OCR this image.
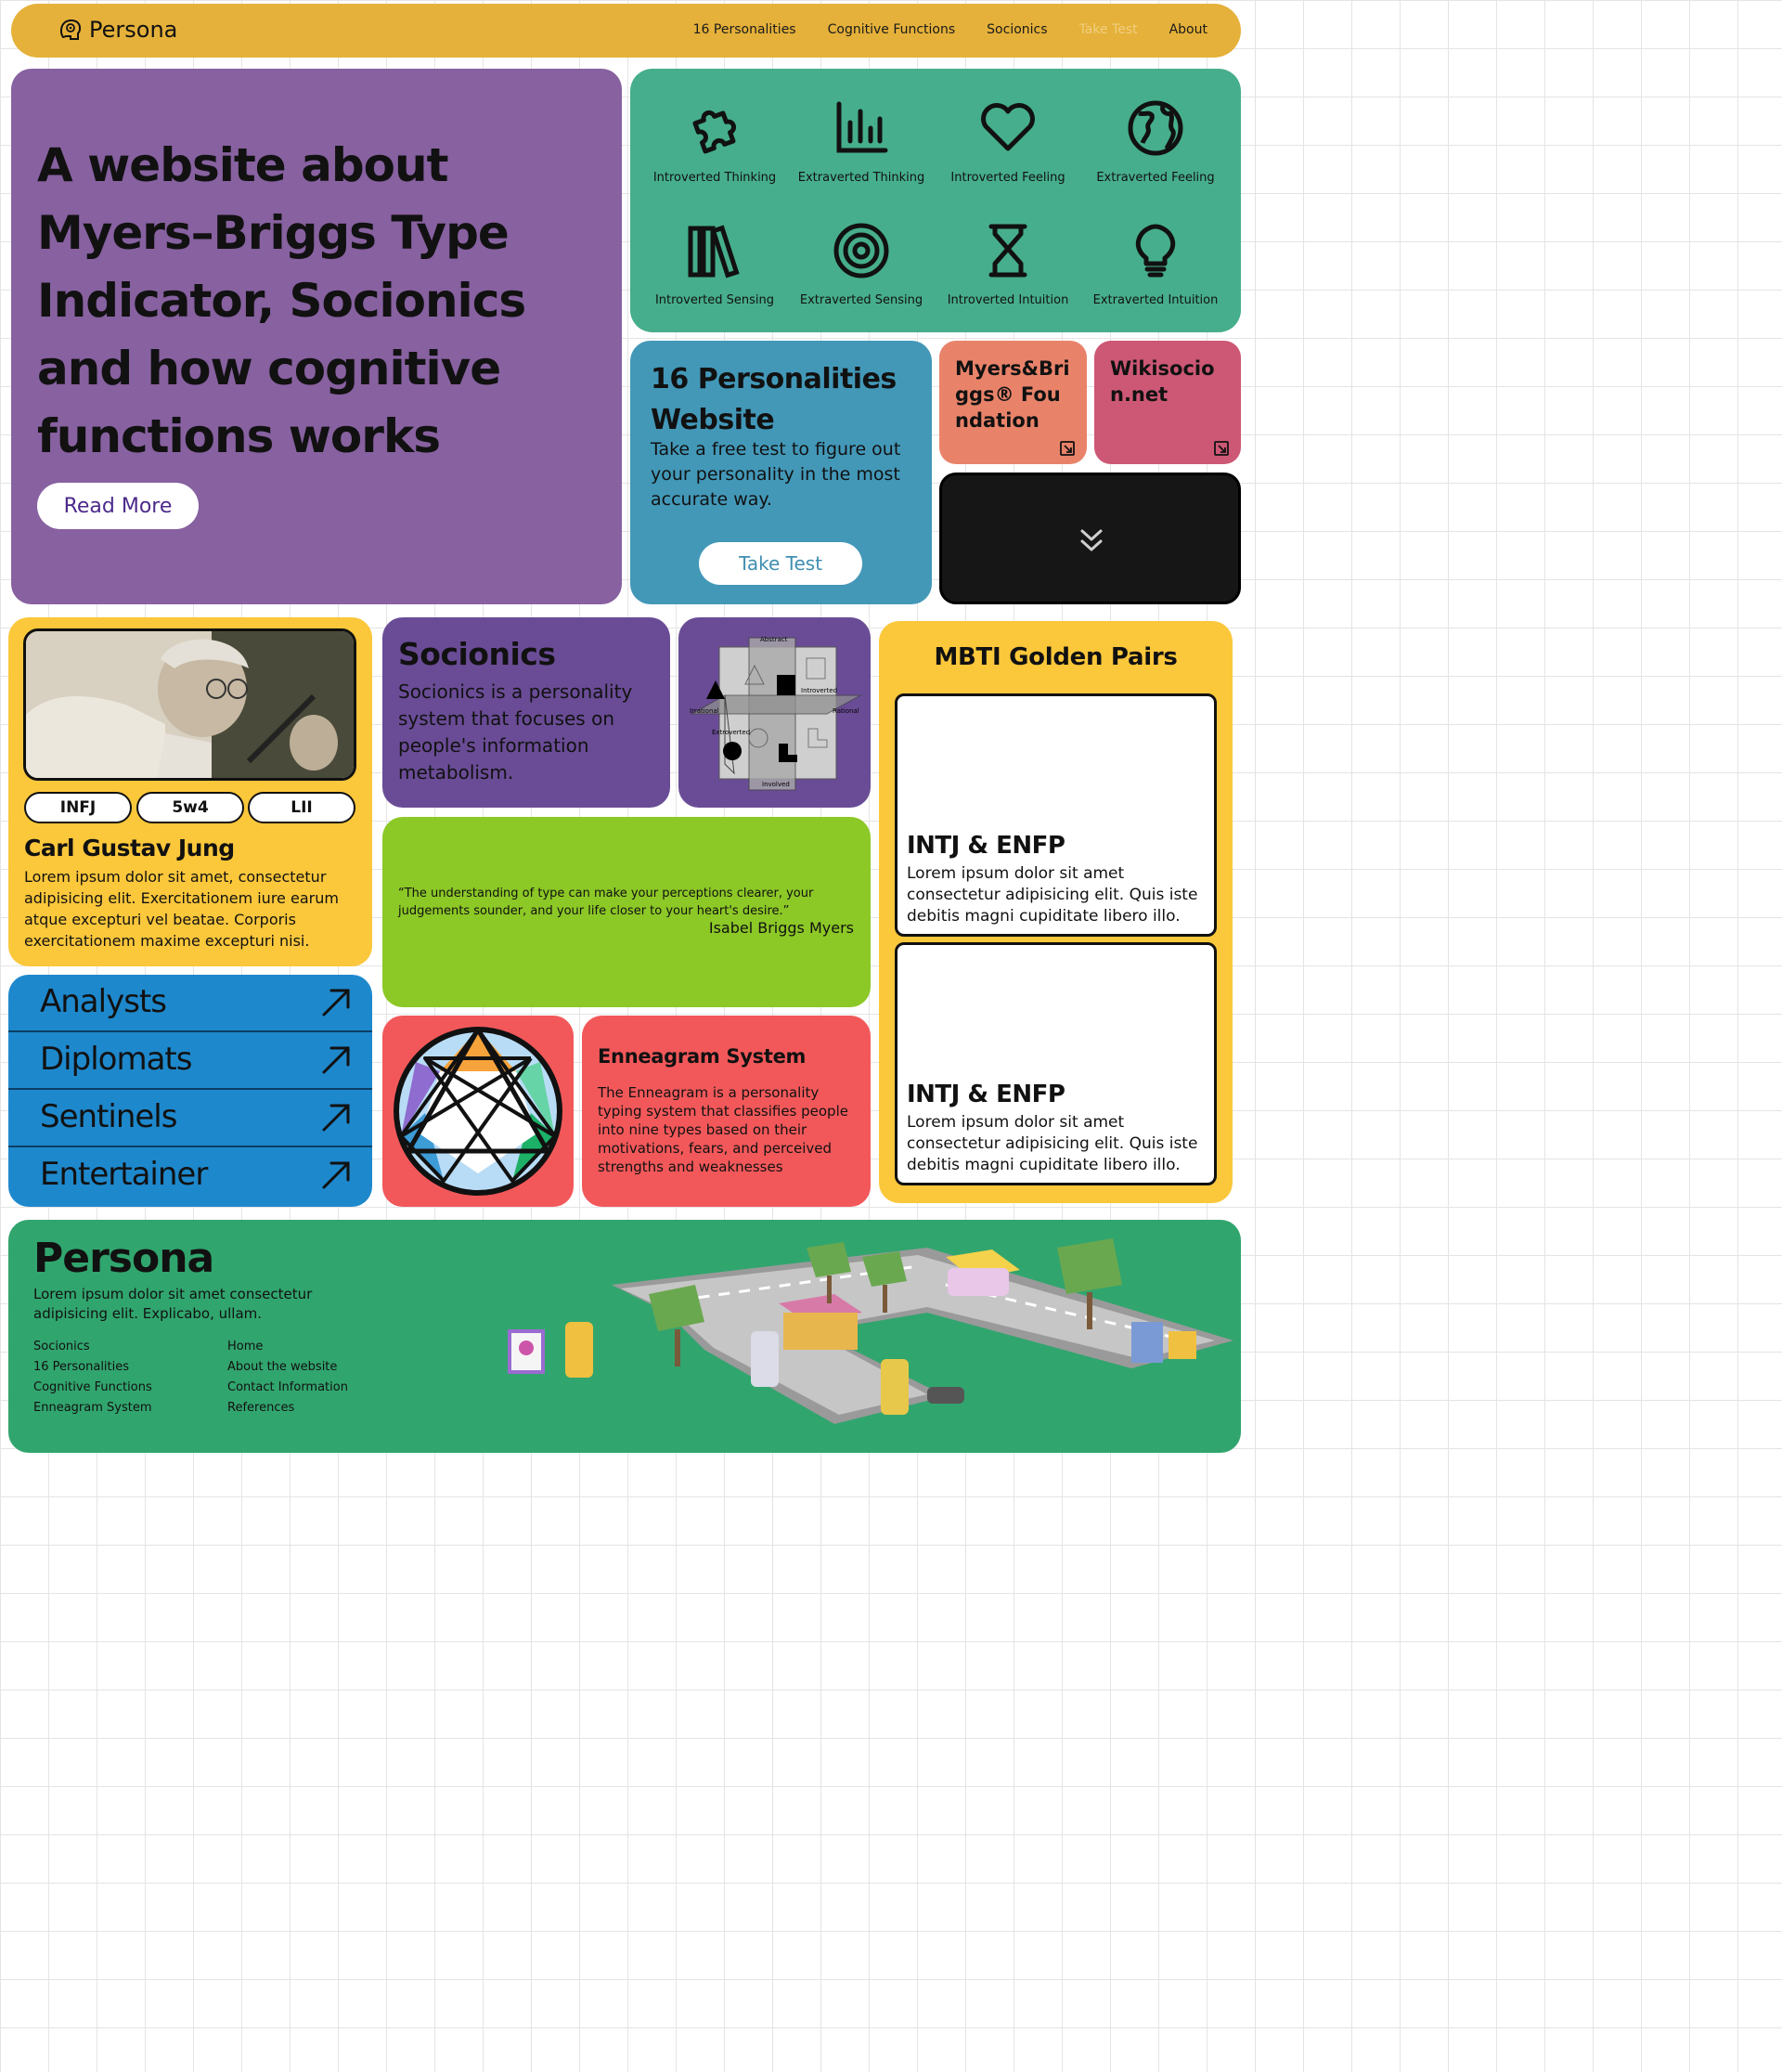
Persona	16 Personalities Cognitive Functions Socionics Take Test About
A website about Myers–Briggs Type Indicator, Socionics and how cognitive functions works
Read More
Introverted Thinking	Extraverted Thinking	Introverted Feeling	Extraverted Feeling
Introverted Sensing	Extraverted Sensing	Introverted Intuition	Extraverted Intuition
16 Personalities Website
Take a free test to figure out your personality in the most accurate way.
Take Test
Myers&Briggs® Foundation
Wikisocion.net
INFJ	5w4	LII
Carl Gustav Jung
Lorem ipsum dolor sit amet, consectetur adipisicing elit. Exercitationem iure earum atque excepturi vel beatae. Corporis exercitationem maxime excepturi nisi.
Analysts
Diplomats
Sentinels
Entertainer
Socionics
Socionics is a personality system that focuses on people's information metabolism.
Abstract
Introverted
Irrational	Rational
Extroverted
Involved
“The understanding of type can make your perceptions clearer, your judgements sounder, and your life closer to your heart's desire.”
Isabel Briggs Myers
Enneagram System
The Enneagram is a personality typing system that classifies people into nine types based on their motivations, fears, and perceived strengths and weaknesses
MBTI Golden Pairs
INTJ & ENFP
Lorem ipsum dolor sit amet consectetur adipisicing elit. Quis iste debitis magni cupiditate libero illo.
INTJ & ENFP
Lorem ipsum dolor sit amet consectetur adipisicing elit. Quis iste debitis magni cupiditate libero illo.
Persona
Lorem ipsum dolor sit amet consectetur adipisicing elit. Explicabo, ullam.
Socionics
16 Personalities
Cognitive Functions
Enneagram System
Home
About the website
Contact Information
References
